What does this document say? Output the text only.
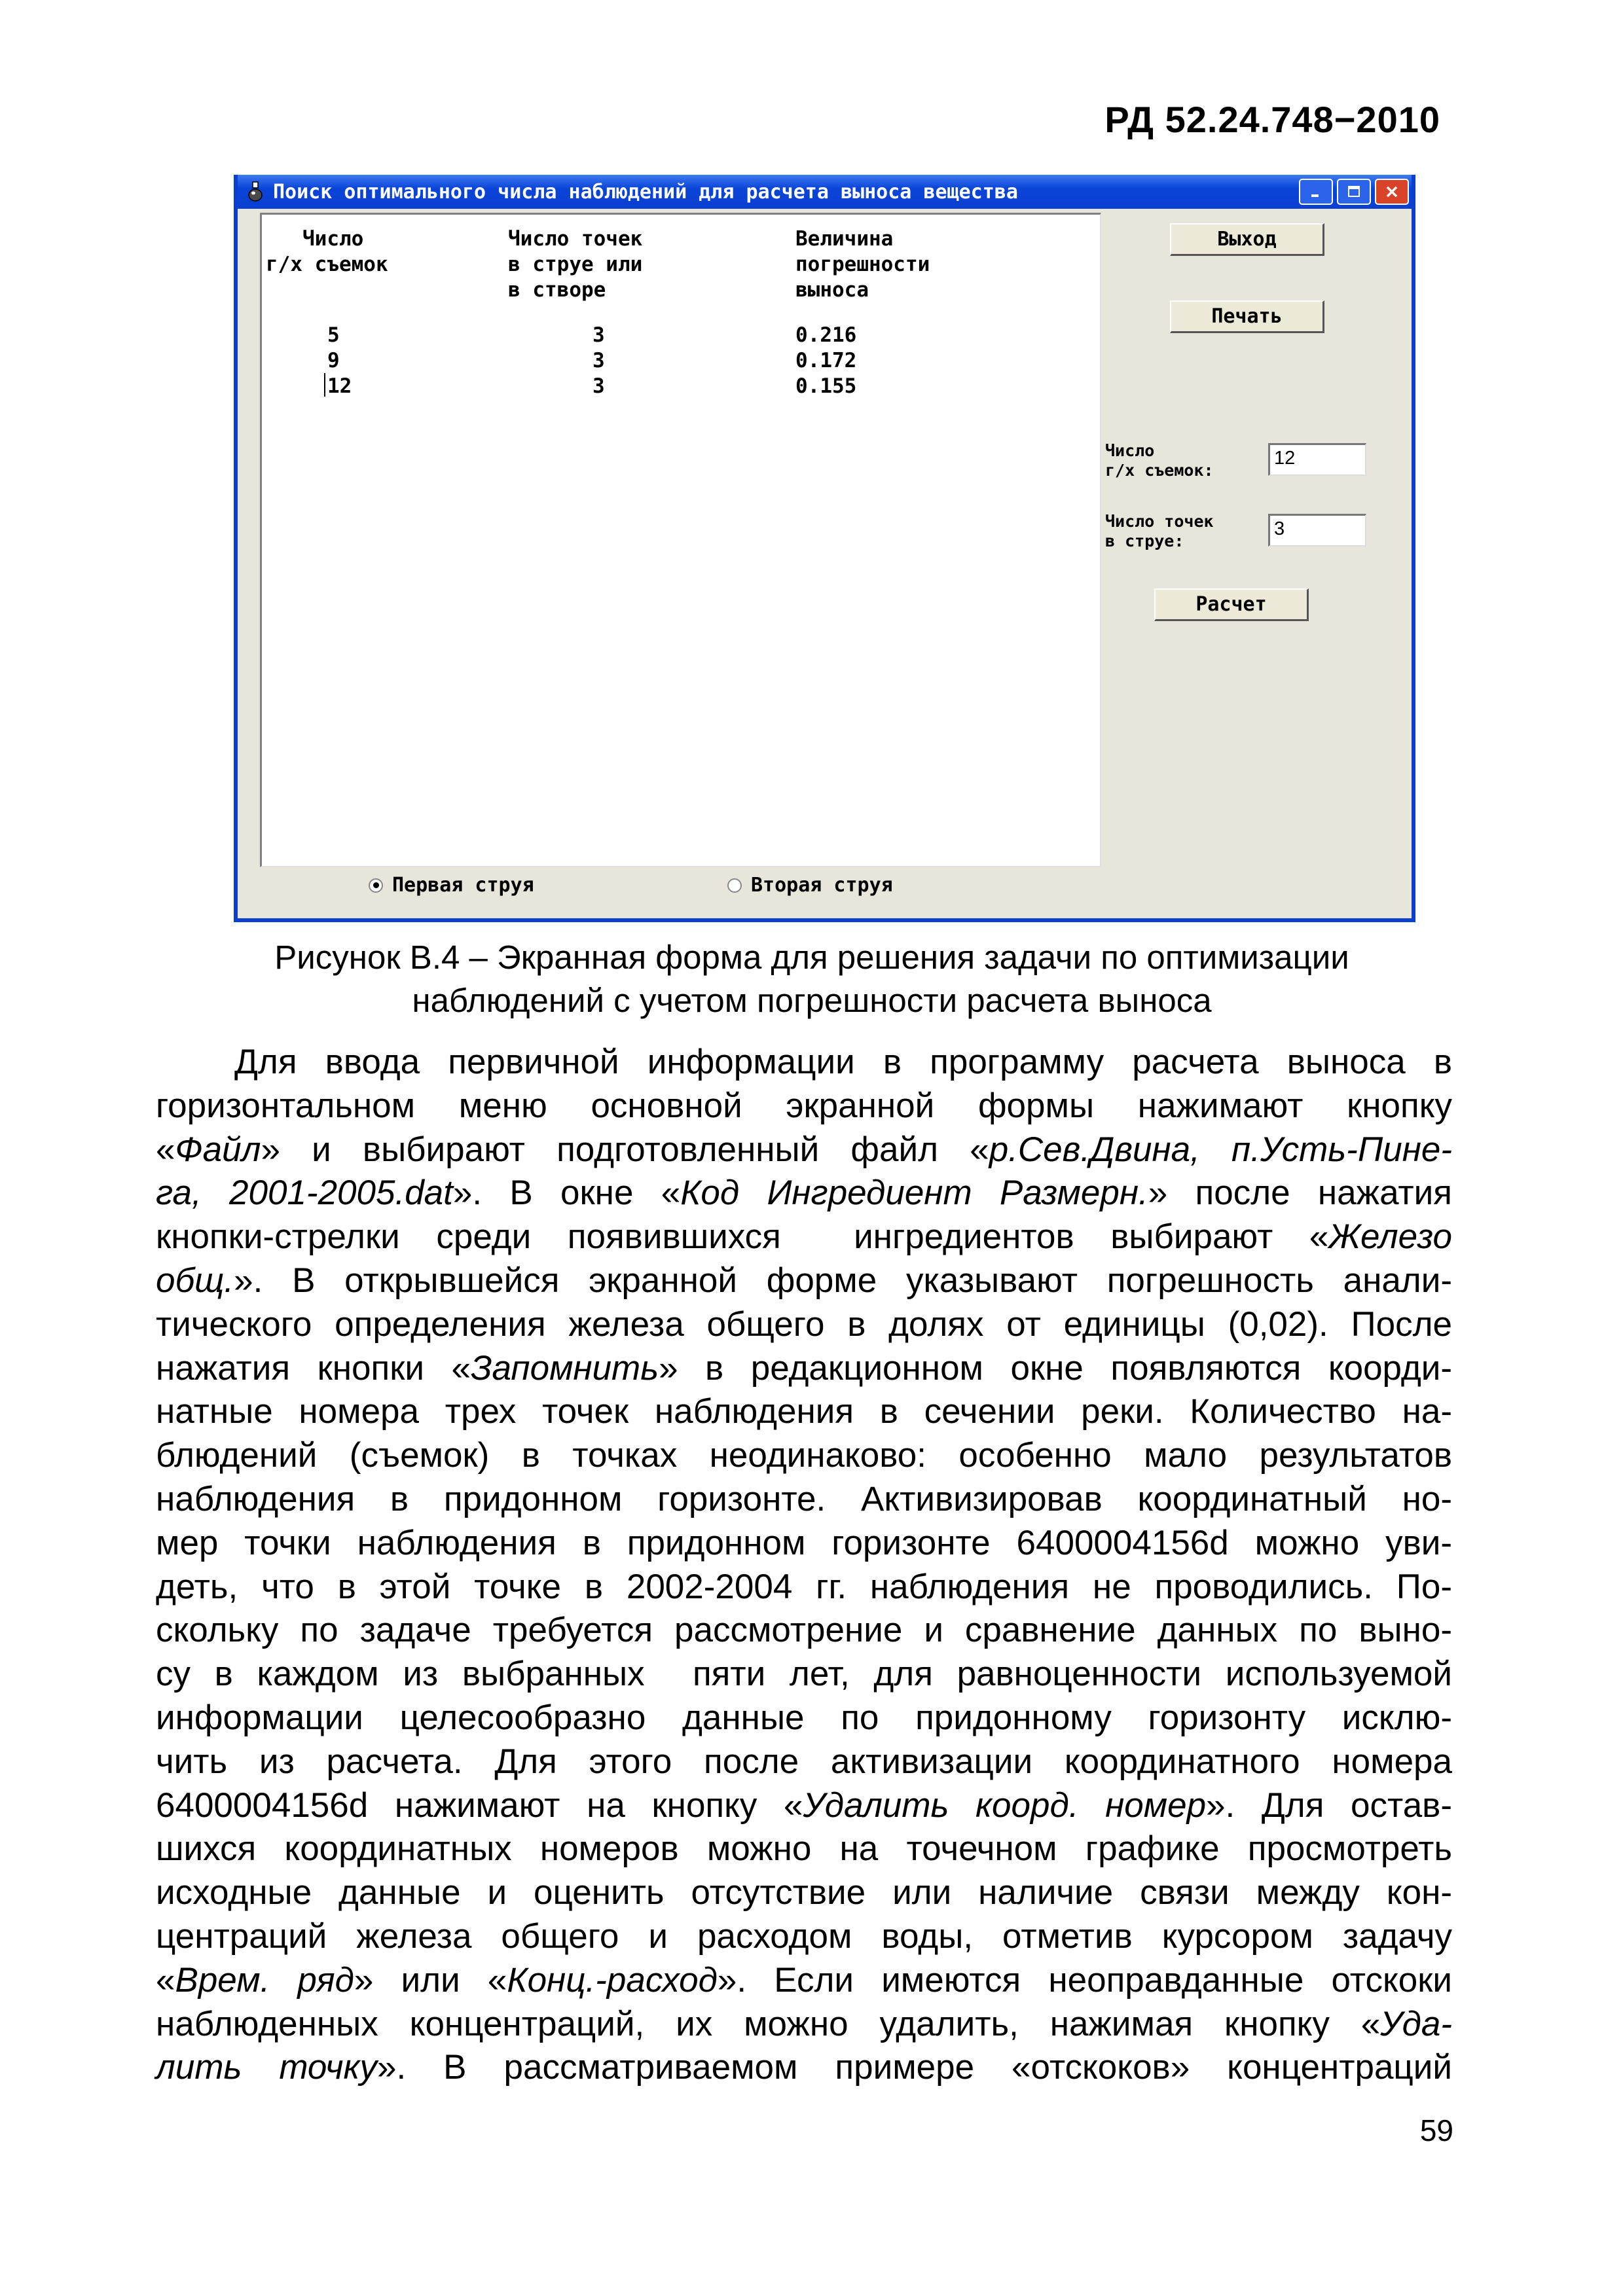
РД 52.24.748−2010
Поиск оптимального числа наблюдений для расчета выноса вещества
Число
г/х съемок
Число точек
в струе или
в створе
Величина
погрешности
выноса
5	3	0.216
9	3	0.172
12	3	0.155
Выход
Печать
Число
г/х съемок:
12
Число точек
в струе:
3
Расчет
Первая струя	Вторая струя
Рисунок В.4 – Экранная форма для решения задачи по оптимизации
наблюдений с учетом погрешности расчета выноса
Для ввода первичной информации в программу расчета выноса в
горизонтальном меню основной экранной формы нажимают кнопку
«Файл» и выбирают подготовленный файл «р.Сев.Двина, п.Усть-Пине-
га, 2001-2005.dat». В окне «Код Ингредиент Размерн.» после нажатия
кнопки-стрелки среди появившихся  ингредиентов выбирают «Железо
общ.». В открывшейся экранной форме указывают погрешность анали-
тического определения железа общего в долях от единицы (0,02). После
нажатия кнопки «Запомнить» в редакционном окне появляются коорди-
натные номера трех точек наблюдения в сечении реки. Количество на-
блюдений (съемок) в точках неодинаково: особенно мало результатов
наблюдения в придонном горизонте. Активизировав координатный но-
мер точки наблюдения в придонном горизонте 6400004156d можно уви-
деть, что в этой точке в 2002-2004 гг. наблюдения не проводились. По-
скольку по задаче требуется рассмотрение и сравнение данных по выно-
су в каждом из выбранных  пяти лет, для равноценности используемой
информации целесообразно данные по придонному горизонту исклю-
чить из расчета. Для этого после активизации координатного номера
6400004156d нажимают на кнопку «Удалить коорд. номер». Для остав-
шихся координатных номеров можно на точечном графике просмотреть
исходные данные и оценить отсутствие или наличие связи между кон-
центраций железа общего и расходом воды, отметив курсором задачу
«Врем. ряд» или «Конц.-расход». Если имеются неоправданные отскоки
наблюденных концентраций, их можно удалить, нажимая кнопку «Уда-
лить точку». В рассматриваемом примере «отскоков» концентраций
59
